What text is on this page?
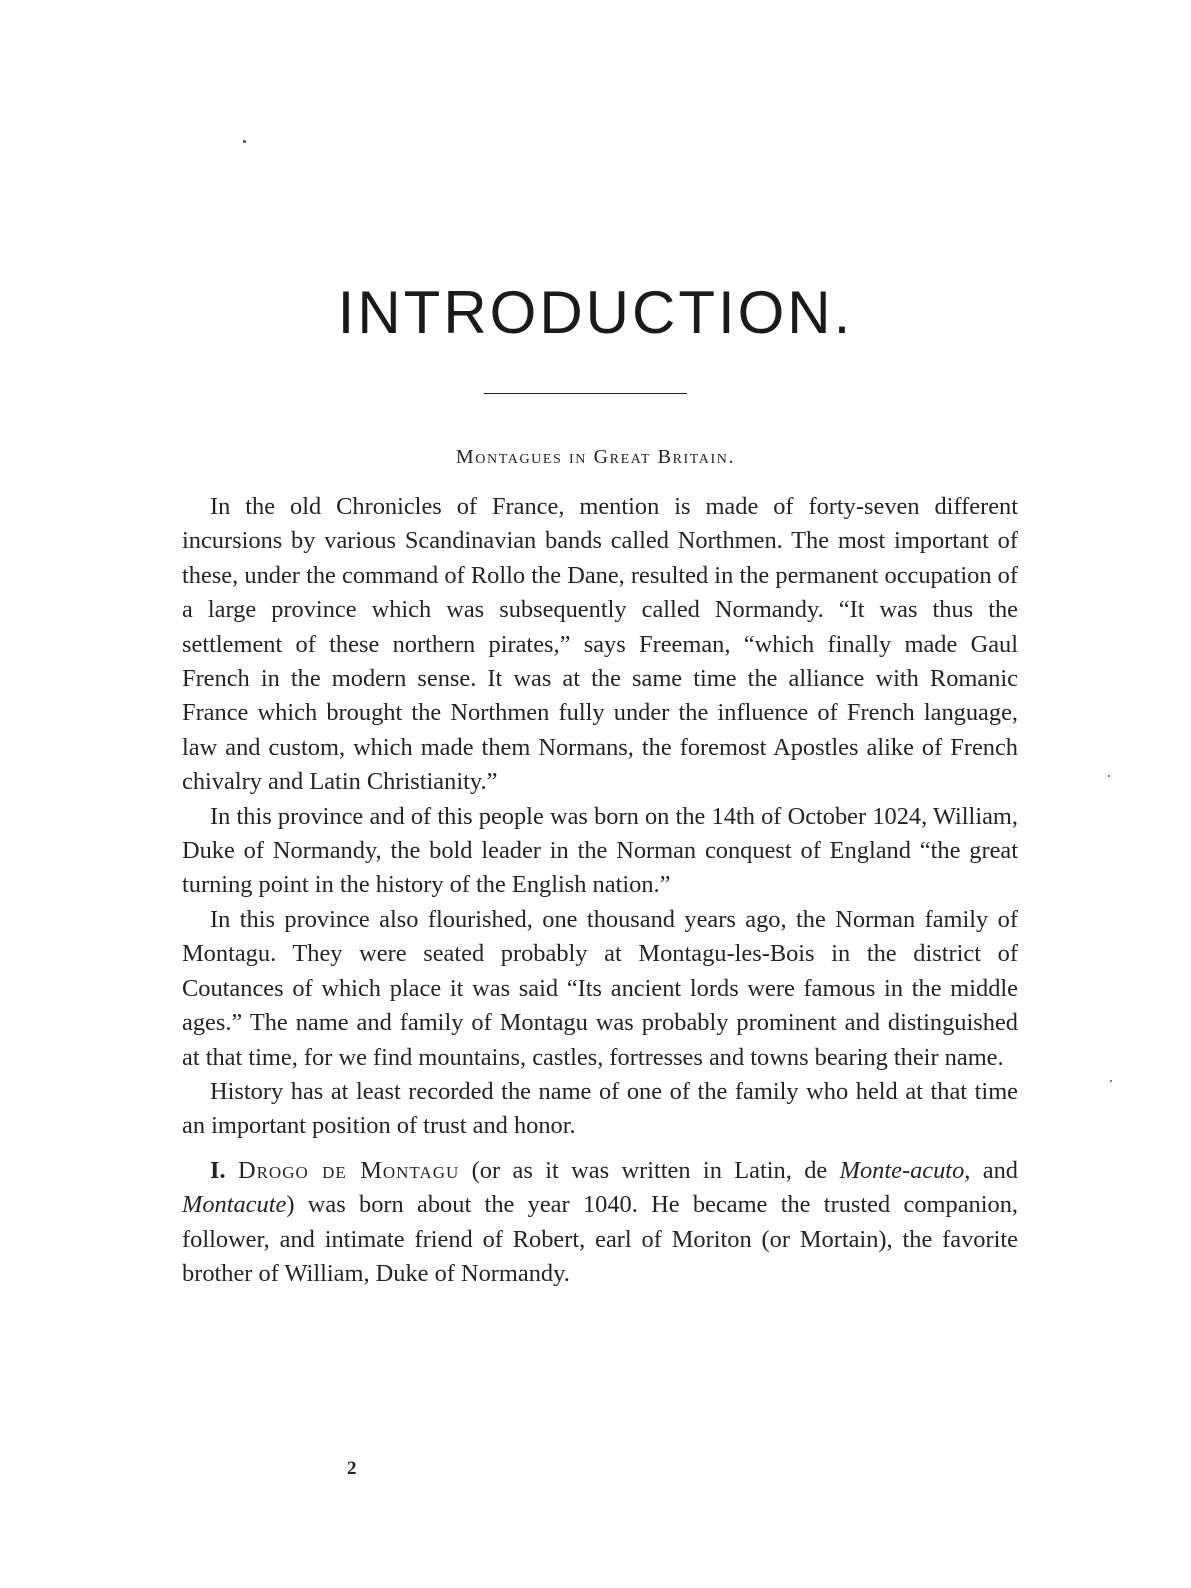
INTRODUCTION.
Montagues in Great Britain.

In the old Chronicles of France, mention is made of forty-seven different incursions by various Scandinavian bands called Northmen. The most important of these, under the command of Rollo the Dane, resulted in the permanent occupation of a large province which was subsequently called Normandy. “It was thus the settlement of these northern pirates,” says Freeman, “which finally made Gaul French in the modern sense. It was at the same time the alliance with Romanic France which brought the Northmen fully under the influence of French language, law and custom, which made them Normans, the foremost Apostles alike of French chivalry and Latin Christianity.”

In this province and of this people was born on the 14th of October 1024, William, Duke of Normandy, the bold leader in the Norman conquest of England “the great turning point in the history of the English nation.”

In this province also flourished, one thousand years ago, the Norman family of Montagu. They were seated probably at Montagu-les-Bois in the district of Coutances of which place it was said “Its ancient lords were famous in the middle ages.” The name and family of Montagu was probably prominent and distinguished at that time, for we find mountains, castles, fortresses and towns bearing their name.

History has at least recorded the name of one of the family who held at that time an important position of trust and honor.

I. Drogo de Montagu (or as it was written in Latin, de Monte-acuto, and Montacute) was born about the year 1040. He became the trusted companion, follower, and intimate friend of Robert, earl of Moriton (or Mortain), the favorite brother of William, Duke of Normandy.

2
